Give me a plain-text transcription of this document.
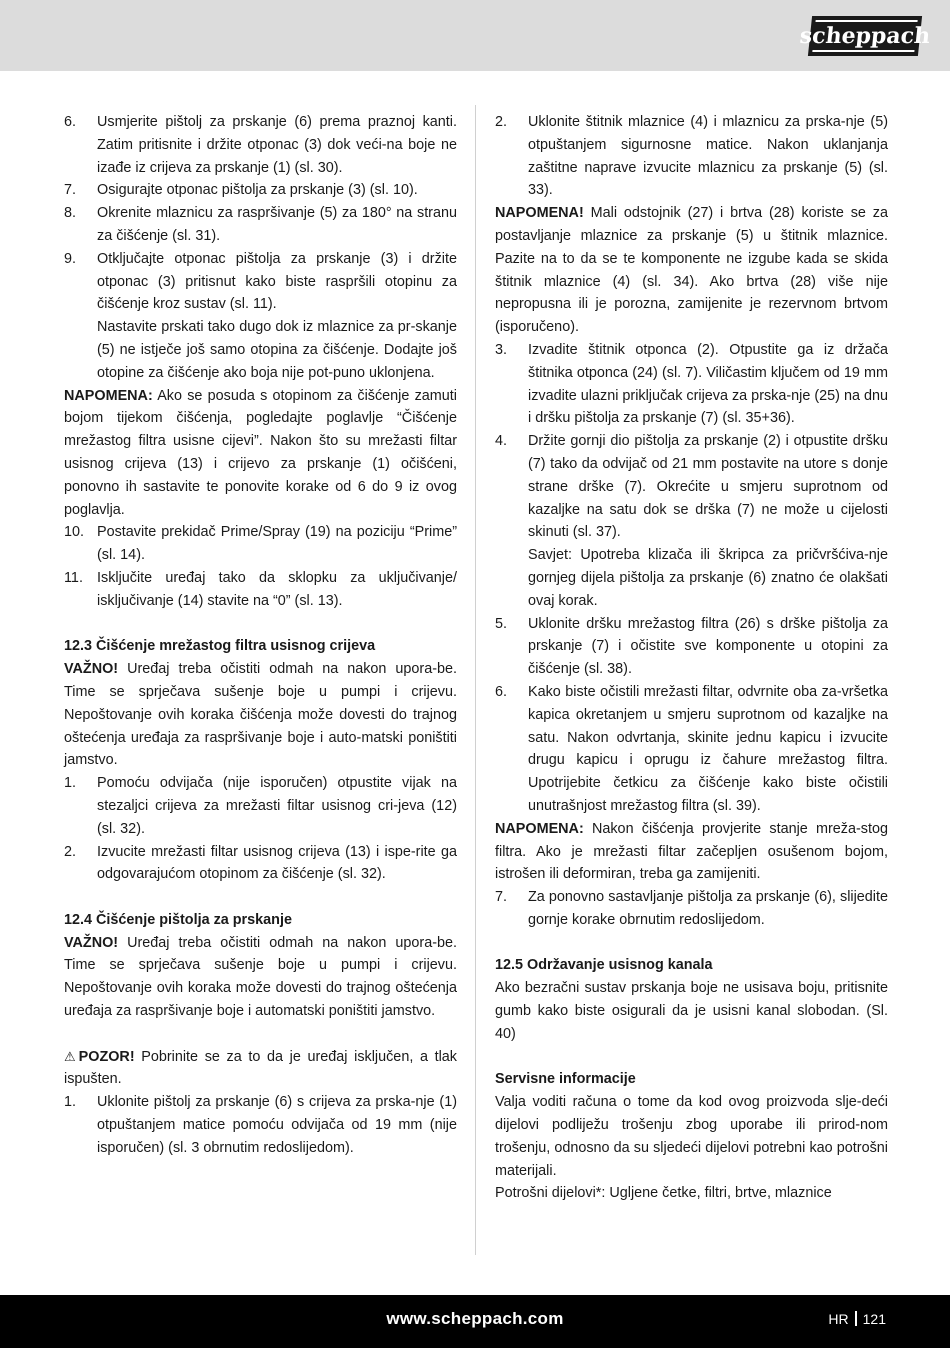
scheppach
6.	Usmjerite pištolj za prskanje (6) prema praznoj kanti. Zatim pritisnite i držite otponac (3) dok veći-na boje ne izađe iz crijeva za prskanje (1) (sl. 30).
7.	Osigurajte otponac pištolja za prskanje (3) (sl. 10).
8.	Okrenite mlaznicu za raspršivanje (5) za 180° na stranu za čišćenje (sl. 31).
9.	Otključajte otponac pištolja za prskanje (3) i držite otponac (3) pritisnut kako biste raspršili otopinu za čišćenje kroz sustav (sl. 11).

Nastavite prskati tako dugo dok iz mlaznice za pr-skanje (5) ne istječe još samo otopina za čišćenje. Dodajte još otopine za čišćenje ako boja nije pot-puno uklonjena.

NAPOMENA: Ako se posuda s otopinom za čišćenje zamuti bojom tijekom čišćenja, pogledajte poglavlje “Čišćenje mrežastog filtra usisne cijevi”. Nakon što su mrežasti filtar usisnog crijeva (13) i crijevo za prskanje (1) očišćeni, ponovno ih sastavite te ponovite korake od 6 do 9 iz ovog poglavlja.

10. Postavite prekidač Prime/Spray (19) na poziciju “Prime” (sl. 14).
11. Isključite uređaj tako da sklopku za uključivanje/ isključivanje (14) stavite na “0” (sl. 13).

12.3 Čišćenje mrežastog filtra usisnog crijeva

VAŽNO! Uređaj treba očistiti odmah na nakon upora-be. Time se sprječava sušenje boje u pumpi i crijevu. Nepoštovanje ovih koraka čišćenja može dovesti do trajnog oštećenja uređaja za raspršivanje boje i auto-matski poništiti jamstvo.

1.	Pomoću odvijača (nije isporučen) otpustite vijak na stezaljci crijeva za mrežasti filtar usisnog cri-jeva (12) (sl. 32).
2.	Izvucite mrežasti filtar usisnog crijeva (13) i ispe-rite ga odgovarajućom otopinom za čišćenje (sl. 32).

12.4 Čišćenje pištolja za prskanje

VAŽNO! Uređaj treba očistiti odmah na nakon upora-be. Time se sprječava sušenje boje u pumpi i crijevu. Nepoštovanje ovih koraka može dovesti do trajnog oštećenja uređaja za raspršivanje boje i automatski poništiti jamstvo.

⚠ POZOR! Pobrinite se za to da je uređaj isključen, a tlak ispušten.

1.	Uklonite pištolj za prskanje (6) s crijeva za prska-nje (1) otpuštanjem matice pomoću odvijača od 19 mm (nije isporučen) (sl. 3 obrnutim redoslijedom).
2.	Uklonite štitnik mlaznice (4) i mlaznicu za prska-nje (5) otpuštanjem sigurnosne matice. Nakon uklanjanja zaštitne naprave izvucite mlaznicu za prskanje (5) (sl. 33).

NAPOMENA! Mali odstojnik (27) i brtva (28) koriste se za postavljanje mlaznice za prskanje (5) u štitnik mlaznice. Pazite na to da se te komponente ne izgube kada se skida štitnik mlaznice (4) (sl. 34). Ako brtva (28) više nije nepropusna ili je porozna, zamijenite je rezervnom brtvom (isporučeno).

3.	Izvadite štitnik otponca (2). Otpustite ga iz držača štitnika otponca (24) (sl. 7). Viličastim ključem od 19 mm izvadite ulazni priključak crijeva za prska-nje (25) na dnu i dršku pištolja za prskanje (7) (sl. 35+36).
4.	Držite gornji dio pištolja za prskanje (2) i otpustite dršku (7) tako da odvijač od 21 mm postavite na utore s donje strane drške (7). Okrećite u smjeru suprotnom od kazaljke na satu dok se drška (7) ne može u cijelosti skinuti (sl. 37).

Savjet: Upotreba klizača ili škripca za pričvršćiva-nje gornjeg dijela pištolja za prskanje (6) znatno će olakšati ovaj korak.

5.	Uklonite dršku mrežastog filtra (26) s drške pištolja za prskanje (7) i očistite sve komponente u otopini za čišćenje (sl. 38).
6.	Kako biste očistili mrežasti filtar, odvrnite oba za-vršetka kapica okretanjem u smjeru suprotnom od kazaljke na satu. Nakon odvrtanja, skinite jednu kapicu i izvucite drugu kapicu i oprugu iz čahure mrežastog filtra. Upotrijebite četkicu za čišćenje kako biste očistili unutrašnjost mrežastog filtra (sl. 39).

NAPOMENA: Nakon čišćenja provjerite stanje mreža-stog filtra. Ako je mrežasti filtar začepljen osušenom bojom, istrošen ili deformiran, treba ga zamijeniti.

7.	Za ponovno sastavljanje pištolja za prskanje (6), slijedite gornje korake obrnutim redoslijedom.

12.5 Održavanje usisnog kanala

Ako bezračni sustav prskanja boje ne usisava boju, pritisnite gumb kako biste osigurali da je usisni kanal slobodan. (Sl. 40)

Servisne informacije

Valja voditi računa o tome da kod ovog proizvoda slje-deći dijelovi podliježu trošenju zbog uporabe ili prirod-nom trošenju, odnosno da su sljedeći dijelovi potrebni kao potrošni materijali.

Potrošni dijelovi*: Ugljene četke, filtri, brtve, mlaznice

www.scheppach.com	HR 121
